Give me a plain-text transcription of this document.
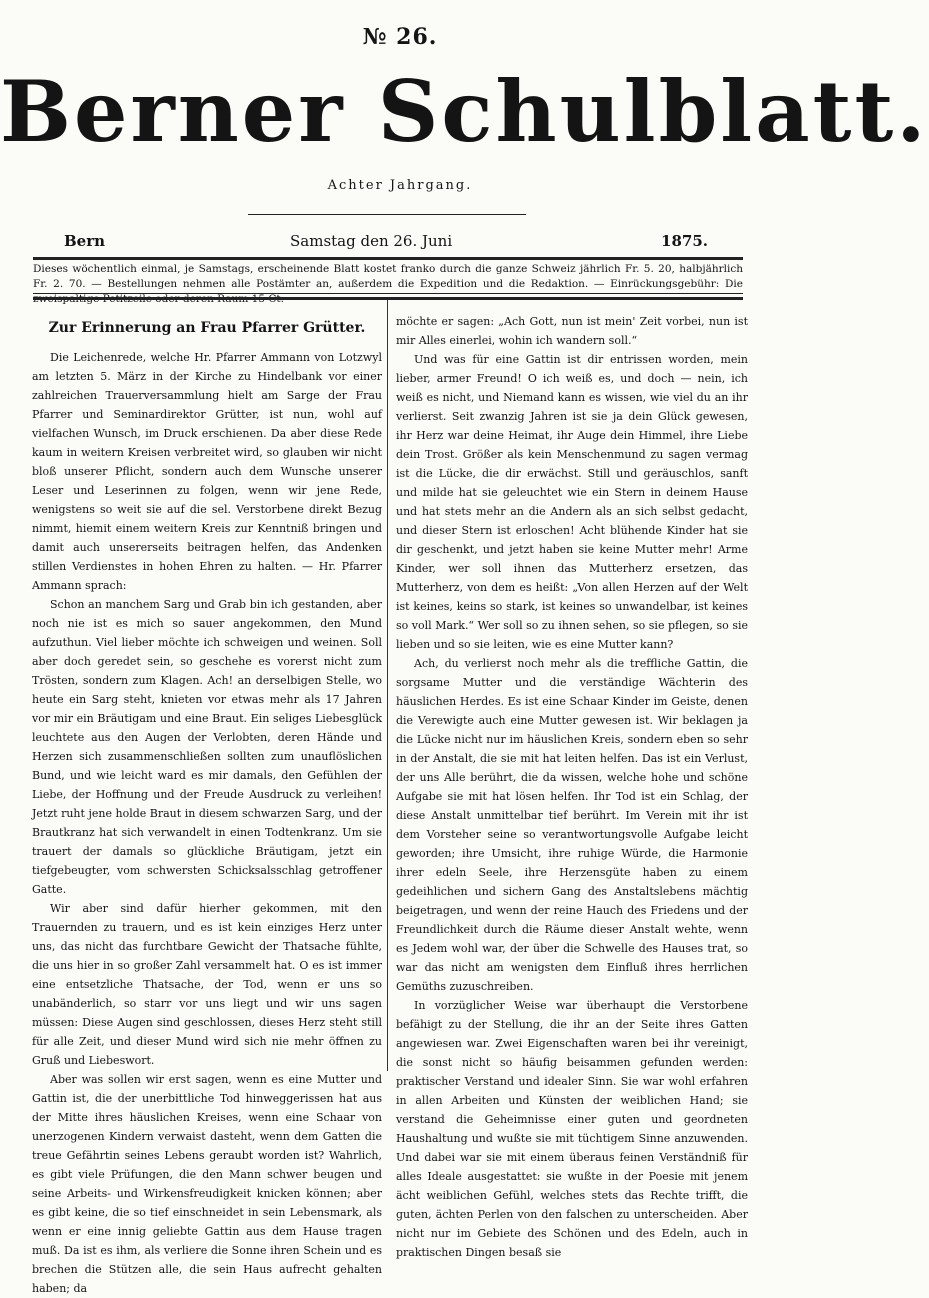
№ 26.
Berner Schulblatt.
Achter Jahrgang.
Bern	Samstag den 26. Juni	1875.
Dieses wöchentlich einmal, je Samstags, erscheinende Blatt kostet franko durch die ganze Schweiz jährlich Fr. 5. 20, halbjährlich Fr. 2. 70. — Bestellungen nehmen alle Postämter an, außerdem die Expedition und die Redaktion. — Einrückungsgebühr: Die

Zur Erinnerung an Frau Pfarrer Grütter.

Die Leichenrede, welche Hr. Pfarrer Ammann von Lotzwyl am letzten 5. März in der Kirche zu Hindelbank vor einer zahlreichen Trauerversammlung hielt am Sarge der Frau Pfarrer und Seminardirektor Grütter, ist nun, wohl auf vielfachen Wunsch, im Druck erschienen. Da aber diese Rede kaum in weitern Kreisen verbreitet wird, so glauben wir nicht bloß unserer Pflicht, sondern auch dem Wunsche unserer Leser und Leserinnen zu folgen, wenn wir jene Rede, wenigstens so weit sie auf die sel. Verstorbene direkt Bezug nimmt, hiemit einem weitern Kreis zur Kenntniß bringen und damit auch unsererseits beitragen helfen, das Andenken stillen Verdienstes in hohen Ehren zu halten. — Hr. Pfarrer Ammann sprach:

Schon an manchem Sarg und Grab bin ich gestanden, aber noch nie ist es mich so sauer angekommen, den Mund aufzuthun. Viel lieber möchte ich schweigen und weinen. Soll aber doch geredet sein, so geschehe es vorerst nicht zum Trösten, sondern zum Klagen. Ach! an derselbigen Stelle, wo heute ein Sarg steht, knieten vor etwas mehr als 17 Jahren vor mir ein Bräutigam und eine Braut. Ein seliges Liebesglück leuchtete aus den Augen der Verlobten, deren Hände und Herzen sich zusammenschließen sollten zum unauflöslichen Bund, und wie leicht ward es mir damals, den Gefühlen der Liebe, der Hoffnung und der Freude Ausdruck zu verleihen! Jetzt ruht jene holde Braut in diesem schwarzen Sarg, und der Brautkranz hat sich verwandelt in einen Todtenkranz. Um sie trauert der damals so glückliche Bräutigam, jetzt ein tiefgebeugter, vom schwersten Schicksalsschlag getroffener Gatte.

Wir aber sind dafür hierher gekommen, mit den Trauernden zu trauern, und es ist kein einziges Herz unter uns, das nicht das furchtbare Gewicht der Thatsache fühlte, die uns hier in so großer Zahl versammelt hat. O es ist immer eine entsetzliche Thatsache, der Tod, wenn er uns so unabänderlich, so starr vor uns liegt und wir uns sagen müssen: Diese Augen sind geschlossen, dieses Herz steht still für alle Zeit, und dieser Mund wird sich nie mehr öffnen zu Gruß und Liebeswort.

Aber was sollen wir erst sagen, wenn es eine Mutter und Gattin ist, die der unerbittliche Tod hinweggerissen hat aus der Mitte ihres häuslichen Kreises, wenn eine Schaar von unerzogenen Kindern verwaist dasteht, wenn dem Gatten die treue Gefährtin seines Lebens geraubt worden ist? Wahrlich, es gibt viele Prüfungen, die den Mann schwer beugen und seine Arbeits- und Wirkensfreudigkeit knicken können; aber es gibt keine, die so tief einschneidet in sein Lebensmark, als wenn er eine innig geliebte Gattin aus dem Hause tragen muß. Da ist es ihm, als verliere die Sonne ihren Schein und es brechen die Stützen alle, die sein Haus aufrecht gehalten haben; da

möchte er sagen: „Ach Gott, nun ist mein' Zeit vorbei, nun ist mir Alles einerlei, wohin ich wandern soll.“

Und was für eine Gattin ist dir entrissen worden, mein lieber, armer Freund! O ich weiß es, und doch — nein, ich weiß es nicht, und Niemand kann es wissen, wie viel du an ihr verlierst. Seit zwanzig Jahren ist sie ja dein Glück gewesen, ihr Herz war deine Heimat, ihr Auge dein Himmel, ihre Liebe dein Trost. Größer als kein Menschenmund zu sagen vermag ist die Lücke, die dir erwächst. Still und geräuschlos, sanft und milde hat sie geleuchtet wie ein Stern in deinem Hause und hat stets mehr an die Andern als an sich selbst gedacht, und dieser Stern ist erloschen! Acht blühende Kinder hat sie dir geschenkt, und jetzt haben sie keine Mutter mehr! Arme Kinder, wer soll ihnen das Mutterherz ersetzen, das Mutterherz, von dem es heißt: „Von allen Herzen auf der Welt ist keines, keins so stark, ist keines so unwandelbar, ist keines so voll Mark.“ Wer soll so zu ihnen sehen, so sie pflegen, so sie lieben und so sie leiten, wie es eine Mutter kann?

Ach, du verlierst noch mehr als die treffliche Gattin, die sorgsame Mutter und die verständige Wächterin des häuslichen Herdes. Es ist eine Schaar Kinder im Geiste, denen die Verewigte auch eine Mutter gewesen ist. Wir beklagen ja die Lücke nicht nur im häuslichen Kreis, sondern eben so sehr in der Anstalt, die sie mit hat leiten helfen. Das ist ein Verlust, der uns Alle berührt, die da wissen, welche hohe und schöne Aufgabe sie mit hat lösen helfen. Ihr Tod ist ein Schlag, der diese Anstalt unmittelbar tief berührt. Im Verein mit ihr ist dem Vorsteher seine so verantwortungsvolle Aufgabe leicht geworden; ihre Umsicht, ihre ruhige Würde, die Harmonie ihrer edeln Seele, ihre Herzensgüte haben zu einem gedeihlichen und sichern Gang des Anstaltslebens mächtig beigetragen, und wenn der reine Hauch des Friedens und der Freundlichkeit durch die Räume dieser Anstalt wehte, wenn es Jedem wohl war, der über die Schwelle des Hauses trat, so war das nicht am wenigsten dem Einfluß ihres herrlichen Gemüths zuzuschreiben.

In vorzüglicher Weise war überhaupt die Verstorbene befähigt zu der Stellung, die ihr an der Seite ihres Gatten angewiesen war. Zwei Eigenschaften waren bei ihr vereinigt, die sonst nicht so häufig beisammen gefunden werden: praktischer Verstand und idealer Sinn. Sie war wohl erfahren in allen Arbeiten und Künsten der weiblichen Hand; sie verstand die Geheimnisse einer guten und geordneten Haushaltung und wußte sie mit tüchtigem Sinne anzuwenden. Und dabei war sie mit einem überaus feinen Verständniß für alles Ideale ausgestattet: sie wußte in der Poesie mit jenem ächt weiblichen Gefühl, welches stets das Rechte trifft, die guten, ächten Perlen von den falschen zu unterscheiden. Aber nicht nur im Gebiete des Schönen und des Edeln, auch in praktischen Dingen besaß sie
